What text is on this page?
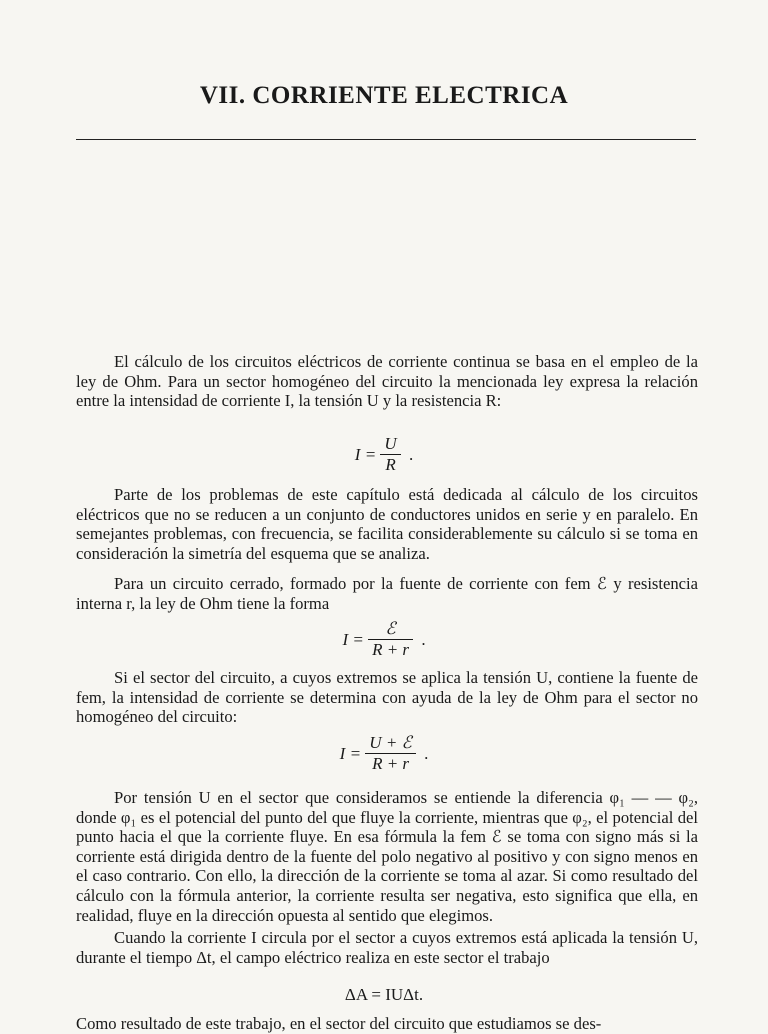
VII. CORRIENTE ELECTRICA
El cálculo de los circuitos eléctricos de corriente continua se basa en el empleo de la ley de Ohm. Para un sector homogéneo del circuito la mencionada ley expresa la relación entre la intensidad de corriente I, la tensión U y la resistencia R:
$I = \frac{U}{R}$ .
Parte de los problemas de este capítulo está dedicada al cálculo de los circuitos eléctricos que no se reducen a un conjunto de conductores unidos en serie y en paralelo. En semejantes problemas, con frecuencia, se facilita considerablemente su cálculo si se toma en consideración la simetría del esquema que se analiza.
Para un circuito cerrado, formado por la fuente de corriente con fem ℰ y resistencia interna r, la ley de Ohm tiene la forma
$I = \frac{\text{ℰ}}{R + r}$ .
Si el sector del circuito, a cuyos extremos se aplica la tensión U, contiene la fuente de fem, la intensidad de corriente se determina con ayuda de la ley de Ohm para el sector no homogéneo del circuito:
$I = \frac{\text{U + ℰ}}{R + r}$ .
Por tensión U en el sector que consideramos se entiende la diferencia φ₁ — — φ₂, donde φ₁ es el potencial del punto del que fluye la corriente, mientras que φ₂, el potencial del punto hacia el que la corriente fluye. En esa fórmula la fem ℰ se toma con signo más si la corriente está dirigida dentro de la fuente del polo negativo al positivo y con signo menos en el caso contrario. Con ello, la dirección de la corriente se toma al azar. Si como resultado del cálculo con la fórmula anterior, la corriente resulta ser negativa, esto significa que ella, en realidad, fluye en la dirección opuesta al sentido que elegimos.
Cuando la corriente I circula por el sector a cuyos extremos está aplicada la tensión U, durante el tiempo Δt, el campo eléctrico realiza en este sector el trabajo
ΔA = IUΔt.
Como resultado de este trabajo, en el sector del circuito que estudiamos se des-
